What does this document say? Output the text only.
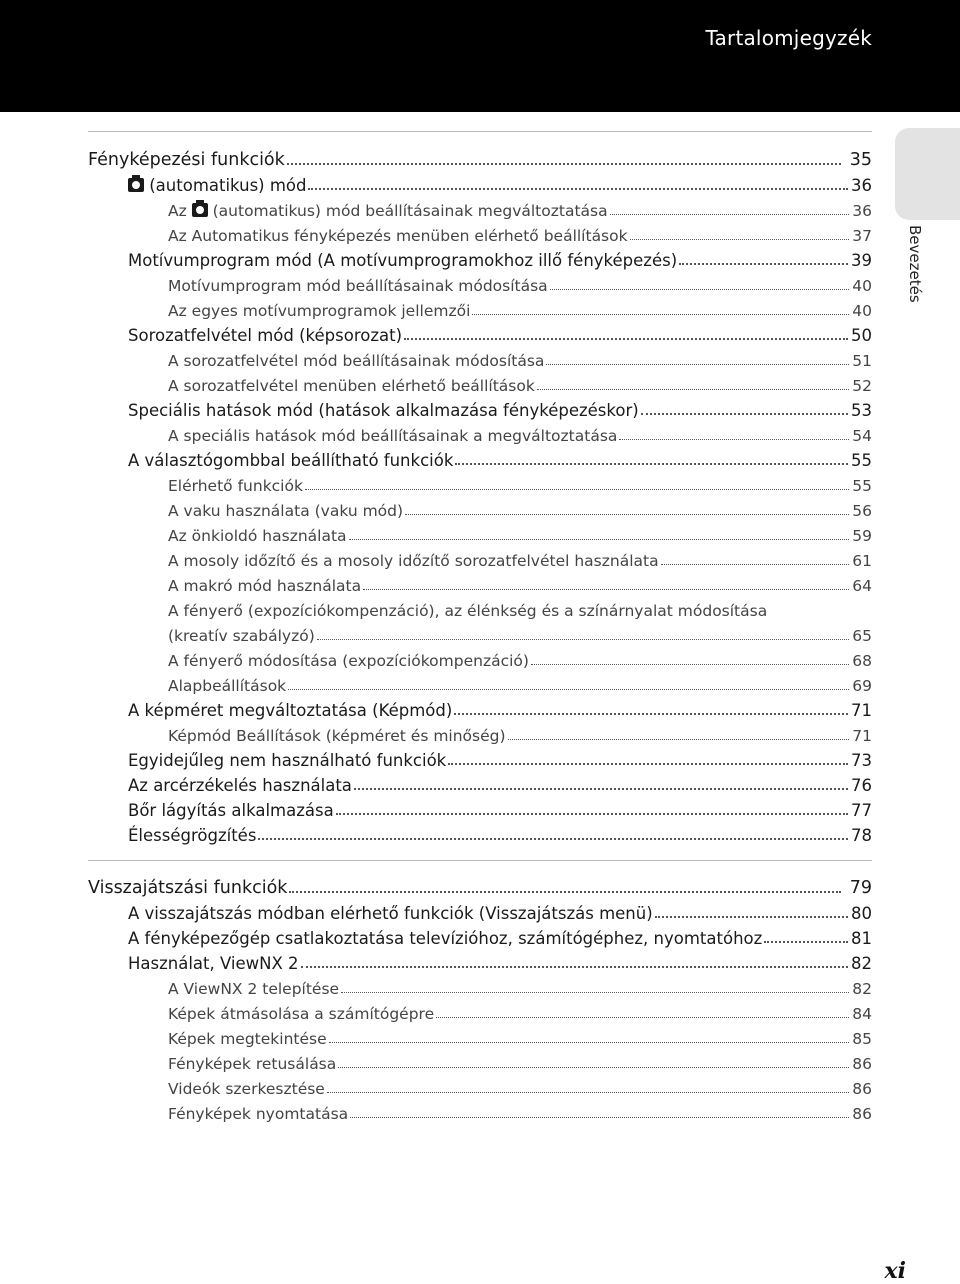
Tartalomjegyzék
Bevezetés
Fényképezési funkciók	35
(automatikus) mód	36
Az (automatikus) mód beállításainak megváltoztatása	36
Az Automatikus fényképezés menüben elérhető beállítások	37
Motívumprogram mód (A motívumprogramokhoz illő fényképezés)	39
Motívumprogram mód beállításainak módosítása	40
Az egyes motívumprogramok jellemzői	40
Sorozatfelvétel mód (képsorozat)	50
A sorozatfelvétel mód beállításainak módosítása	51
A sorozatfelvétel menüben elérhető beállítások	52
Speciális hatások mód (hatások alkalmazása fényképezéskor)	53
A speciális hatások mód beállításainak a megváltoztatása	54
A választógombbal beállítható funkciók	55
Elérhető funkciók	55
A vaku használata (vaku mód)	56
Az önkioldó használata	59
A mosoly időzítő és a mosoly időzítő sorozatfelvétel használata	61
A makró mód használata	64
A fényerő (expozíciókompenzáció), az élénkség és a színárnyalat módosítása
(kreatív szabályzó)	65
A fényerő módosítása (expozíciókompenzáció)	68
Alapbeállítások	69
A képméret megváltoztatása (Képmód)	71
Képmód Beállítások (képméret és minőség)	71
Egyidejűleg nem használható funkciók	73
Az arcérzékelés használata	76
Bőr lágyítás alkalmazása	77
Élességrögzítés	78
Visszajátszási funkciók	79
A visszajátszás módban elérhető funkciók (Visszajátszás menü)	80
A fényképezőgép csatlakoztatása televízióhoz, számítógéphez, nyomtatóhoz	81
Használat, ViewNX 2	82
A ViewNX 2 telepítése	82
Képek átmásolása a számítógépre	84
Képek megtekintése	85
Fényképek retusálása	86
Videók szerkesztése	86
Fényképek nyomtatása	86
xi
